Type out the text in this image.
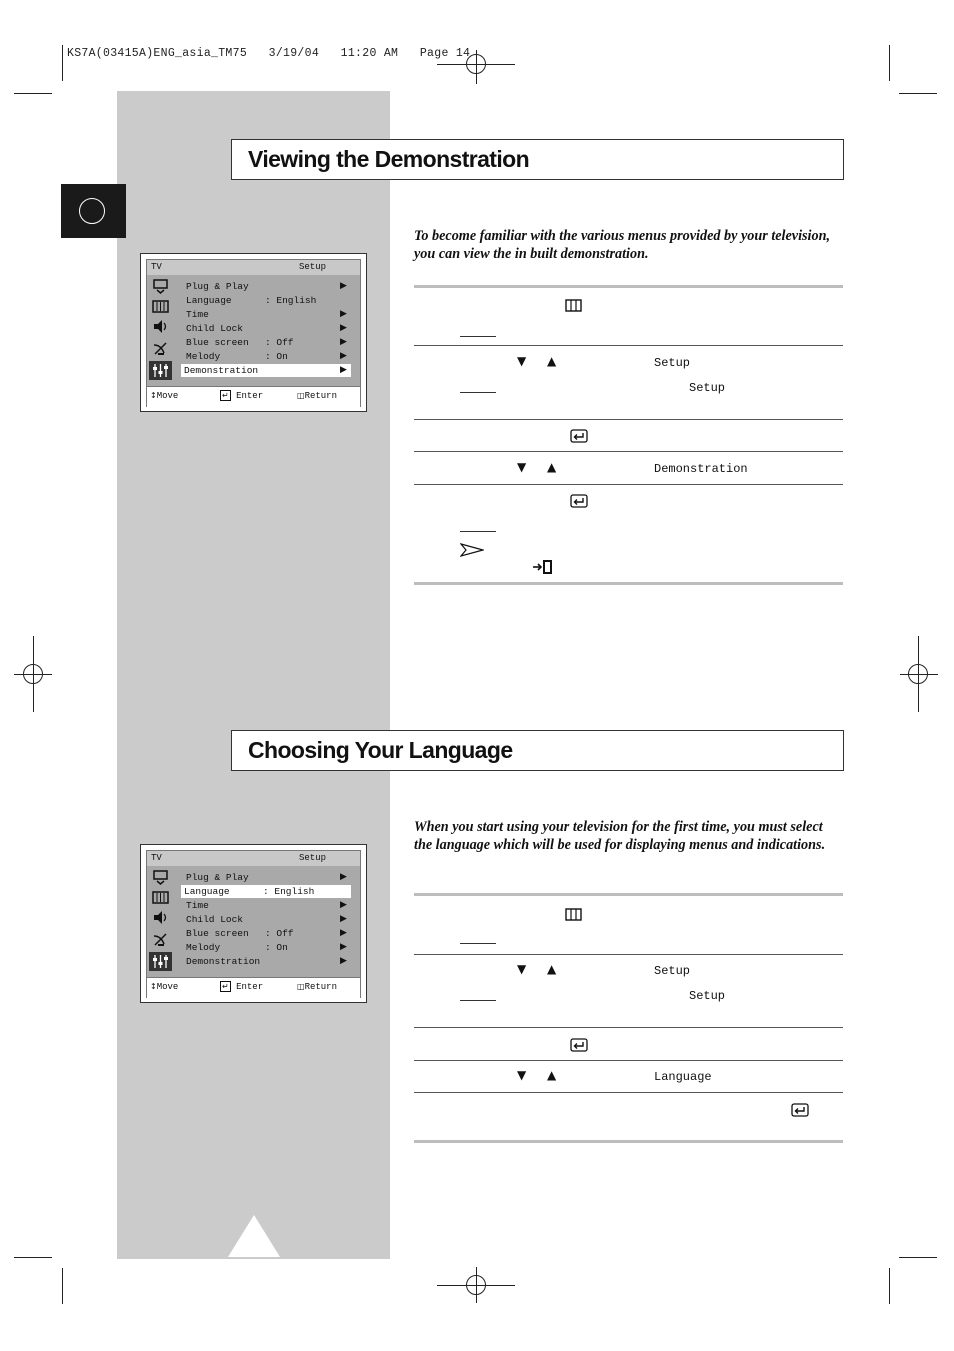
KS7A(03415A)ENG_asia_TM75   3/19/04   11:20 AM   Page 14
Viewing the Demonstration
To become familiar with the various menus provided by your television, you can view the in built demonstration.
TV	Setup
Plug & Play	▶
Language	: English
Time	▶
Child Lock	▶
Blue screen : Off	▶
Melody	: On	▶
Demonstration	▶
↕Move	↵ Enter	◫Return
▼ ▲	Setup
Setup
▼ ▲	Demonstration
Choosing Your Language
When you start using your television for the first time, you must select the language which will be used for displaying menus and indications.
TV	Setup
Plug & Play	▶
Language	: English
Time	▶
Child Lock	▶
Blue screen : Off	▶
Melody	: On	▶
Demonstration	▶
↕Move	↵ Enter	◫Return
▼ ▲	Setup
Setup
▼ ▲	Language
